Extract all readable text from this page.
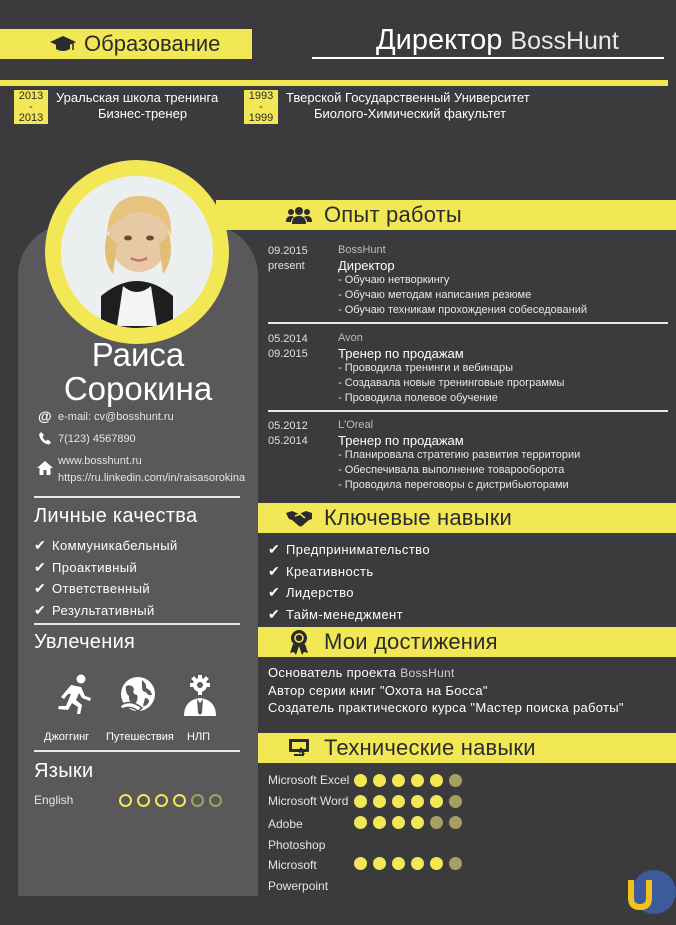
Образование	Директор BossHunt
2013
-
2013
Уральская школа тренинга
Бизнес-тренер
1993
-
1999
Тверской Государственный Университет
Биолого-Химический факультет
Раиса
Сорокина
@ e-mail: cv@bosshunt.ru
7(123) 4567890
www.bosshunt.ru
https://ru.linkedin.com/in/raisasorokina
Личные качества
✔ Коммуникабельный
✔ Проактивный
✔ Ответственный
✔ Результативный
Увлечения
Джоггинг Путешествия НЛП
Языки
English
Опыт работы
09.2015
present
BossHunt
Директор
- Обучаю нетворкингу
- Обучаю методам написания резюме
- Обучаю техникам прохождения собеседований
05.2014
09.2015
Avon
Тренер по продажам
- Проводила тренинги и вебинары
- Создавала новые тренинговые программы
- Проводила полевое обучение
05.2012
05.2014
L'Oreal
Тренер по продажам
- Планировала стратегию развития территории
- Обеспечивала выполнение товарооборота
- Проводила переговоры с дистрибьюторами
Ключевые навыки
✔ Предпринимательство
✔ Креативность
✔ Лидерство
✔ Тайм-менеджмент
Мои достижения
Основатель проекта BossHunt
Автор серии книг "Охота на Босса"
Создатель практического курса "Мастер поиска работы"
Технические навыки
Microsoft Excel
Microsoft Word
Adobe Photoshop
Microsoft Powerpoint
